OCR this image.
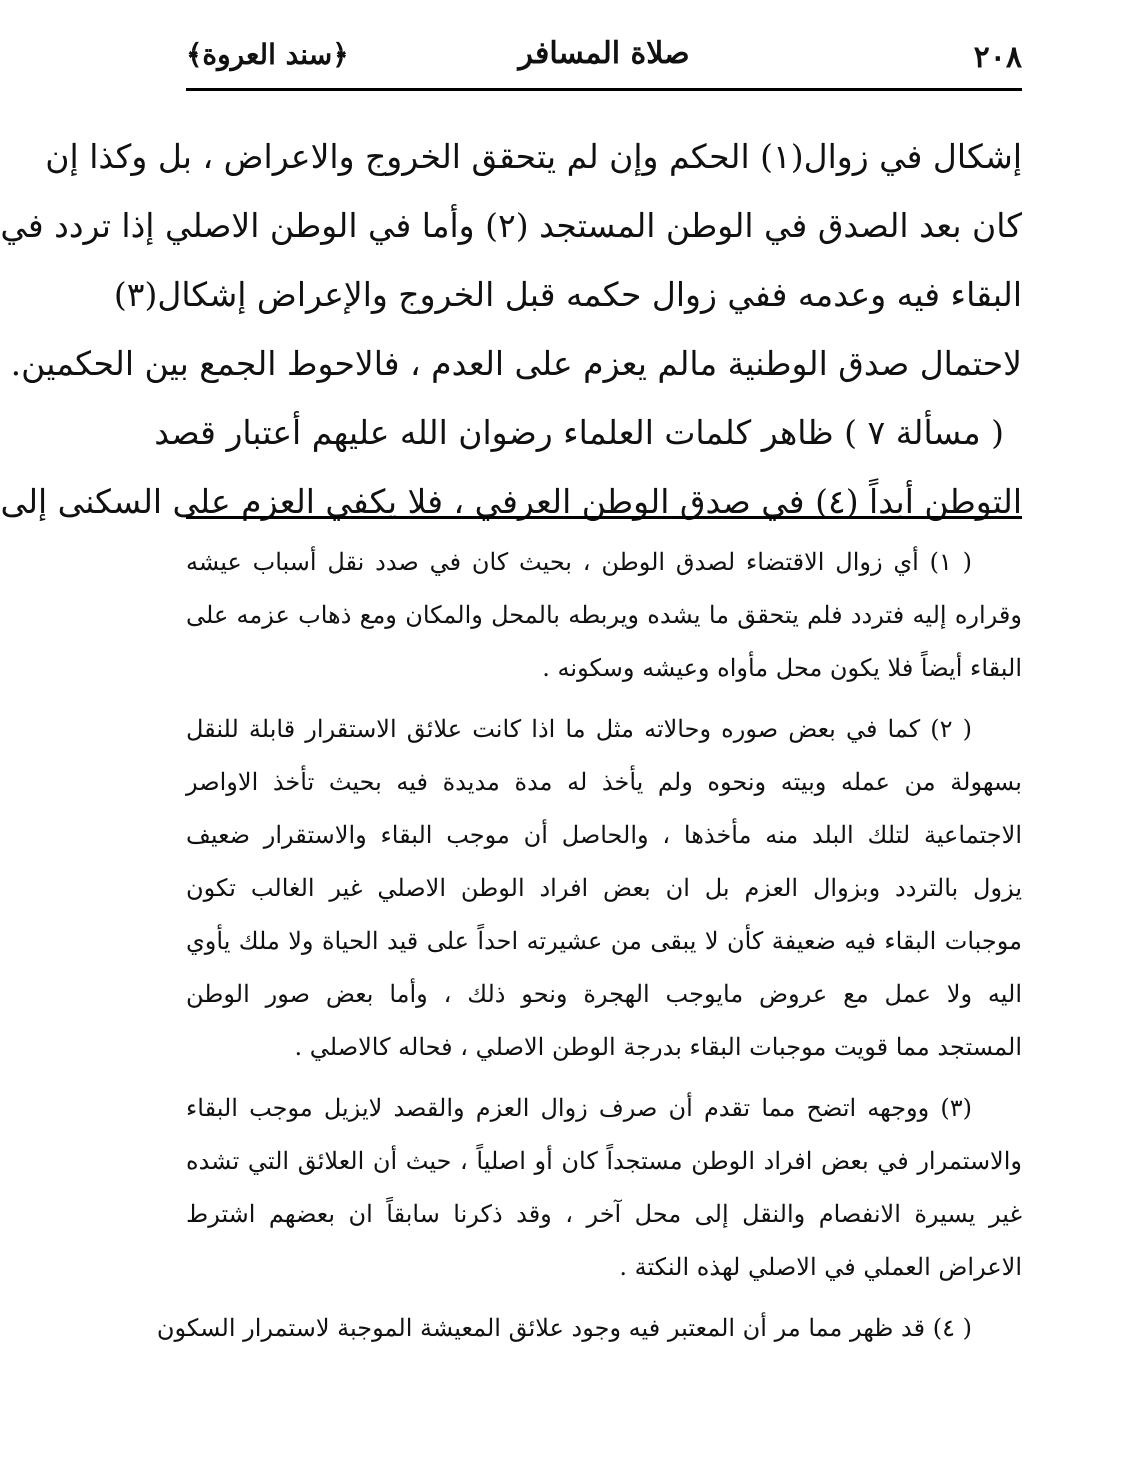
٢٠٨
صلاة المسافر
﴿سند العروة﴾
إشكال في زوال(١) الحكم وإن لم يتحقق الخروج والاعراض ، بل وكذا إن
كان بعد الصدق في الوطن المستجد (٢) وأما في الوطن الاصلي إذا تردد في
البقاء فيه وعدمه ففي زوال حكمه قبل الخروج والإعراض إشكال(٣)
لاحتمال صدق الوطنية مالم يعزم على العدم ، فالاحوط الجمع بين الحكمين.
( مسألة ٧ ) ظاهر كلمات العلماء رضوان الله عليهم أعتبار قصد
التوطن أبداً (٤) في صدق الوطن العرفي ، فلا يكفي العزم على السكنى إلى
( ١) أي زوال الاقتضاء لصدق الوطن ، بحيث كان في صدد نقل أسباب عيشه
وقراره إليه فتردد فلم يتحقق ما يشده ويربطه بالمحل والمكان ومع ذهاب عزمه على
البقاء أيضاً فلا يكون محل مأواه وعيشه وسكونه .
( ٢) كما في بعض صوره وحالاته مثل ما اذا كانت علائق الاستقرار قابلة للنقل
بسهولة من عمله وبيته ونحوه ولم يأخذ له مدة مديدة فيه بحيث تأخذ الاواصر
الاجتماعية لتلك البلد منه مأخذها ، والحاصل أن موجب البقاء والاستقرار ضعيف
يزول بالتردد وبزوال العزم بل ان بعض افراد الوطن الاصلي غير الغالب تكون
موجبات البقاء فيه ضعيفة كأن لا يبقى من عشيرته احداً على قيد الحياة ولا ملك يأوي
اليه ولا عمل مع عروض مايوجب الهجرة ونحو ذلك ، وأما بعض صور الوطن
المستجد مما قويت موجبات البقاء بدرجة الوطن الاصلي ، فحاله كالاصلي .
(٣) ووجهه اتضح مما تقدم أن صرف زوال العزم والقصد لايزيل موجب البقاء
والاستمرار في بعض افراد الوطن مستجداً كان أو اصلياً ، حيث أن العلائق التي تشده
غير يسيرة الانفصام والنقل إلى محل آخر ، وقد ذكرنا سابقاً ان بعضهم اشترط
الاعراض العملي في الاصلي لهذه النكتة .
( ٤) قد ظهر مما مر أن المعتبر فيه وجود علائق المعيشة الموجبة لاستمرار السكون
